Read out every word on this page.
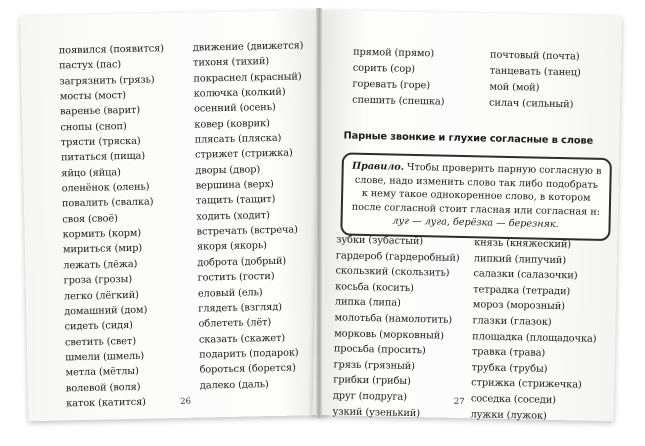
появился (появится)
пастух (пас)
загрязнить (грязь)
мосты (мост)
варенье (варит)
снопы (сноп)
трясти (тряска)
питаться (пища)
яйцо (яйца)
оленёнок (олень)
повалить (свалка)
своя (своё)
кормить (корм)
мириться (мир)
лежать (лёжа)
гроза (грозы)
легко (лёгкий)
домашний (дом)
сидеть (сидя)
светить (свет)
шмели (шмель)
метла (мётлы)
волевой (воля)
каток (катится)
движение (движется)
тихоня (тихий)
покраснел (красный)
колючка (колкий)
осенний (осень)
ковер (коврик)
плясать (пляска)
стрижет (стрижка)
дворы (двор)
вершина (верх)
тащить (тащит)
ходить (ходит)
встречать (встреча)
якоря (якорь)
доброта (добрый)
гостить (гости)
еловый (ель)
глядеть (взгляд)
облететь (лёт)
сказать (скажет)
подарить (подарок)
бороться (борется)
далеко (даль)
26
прямой (прямо)
сорить (сор)
горевать (горе)
спешить (спешка)
почтовый (почта)
танцевать (танец)
мой (мой)
силач (сильный)

Парные звонкие и глухие согласные в слове

Правило. Чтобы проверить парную согласную в слове, надо изменить слово так либо подобрать к нему такое однокоренное слово, в котором после согласной стоит гласная или согласная н: луг — луга, берёзка — березняк.
зубки (зубастый)
гардероб (гардеробный)
скользкий (скользить)
косьба (косить)
липка (липа)
молотьба (намолотить)
морковь (морковный)
просьба (просить)
грязь (грязный)
грибки (грибы)
друг (подруга)
узкий (узенький)
князь (княжеский)
липкий (липучий)
салазки (салазочки)
тетрадка (тетради)
мороз (морозный)
глазки (глазок)
площадка (площадочка)
травка (трава)
трубка (трубы)
стрижка (стрижечка)
соседка (соседи)
лужки (лужок)
27
